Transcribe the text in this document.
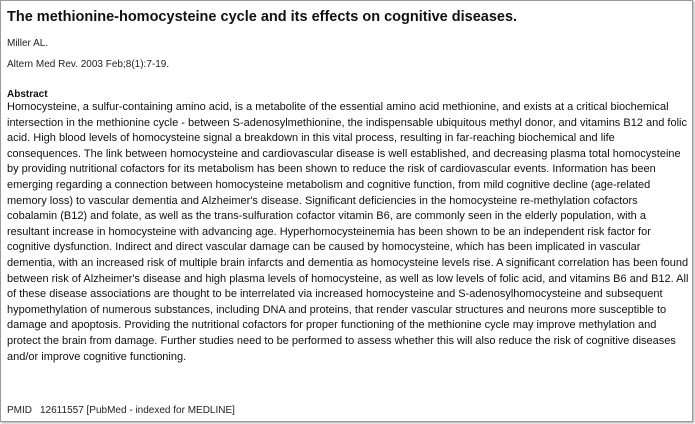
The methionine-homocysteine cycle and its effects on cognitive diseases.
Miller AL.
Altern Med Rev. 2003 Feb;8(1):7-19.
Abstract
Homocysteine, a sulfur-containing amino acid, is a metabolite of the essential amino acid methionine, and exists at a critical biochemical intersection in the methionine cycle - between S-adenosylmethionine, the indispensable ubiquitous methyl donor, and vitamins B12 and folic acid. High blood levels of homocysteine signal a breakdown in this vital process, resulting in far-reaching biochemical and life consequences. The link between homocysteine and cardiovascular disease is well established, and decreasing plasma total homocysteine by providing nutritional cofactors for its metabolism has been shown to reduce the risk of cardiovascular events. Information has been emerging regarding a connection between homocysteine metabolism and cognitive function, from mild cognitive decline (age-related memory loss) to vascular dementia and Alzheimer's disease. Significant deficiencies in the homocysteine re-methylation cofactors cobalamin (B12) and folate, as well as the trans-sulfuration cofactor vitamin B6, are commonly seen in the elderly population, with a resultant increase in homocysteine with advancing age. Hyperhomocysteinemia has been shown to be an independent risk factor for cognitive dysfunction. Indirect and direct vascular damage can be caused by homocysteine, which has been implicated in vascular dementia, with an increased risk of multiple brain infarcts and dementia as homocysteine levels rise. A significant correlation has been found between risk of Alzheimer's disease and high plasma levels of homocysteine, as well as low levels of folic acid, and vitamins B6 and B12. All of these disease associations are thought to be interrelated via increased homocysteine and S-adenosylhomocysteine and subsequent hypomethylation of numerous substances, including DNA and proteins, that render vascular structures and neurons more susceptible to damage and apoptosis. Providing the nutritional cofactors for proper functioning of the methionine cycle may improve methylation and protect the brain from damage. Further studies need to be performed to assess whether this will also reduce the risk of cognitive diseases and/or improve cognitive functioning.
PMID 12611557 [PubMed - indexed for MEDLINE]
